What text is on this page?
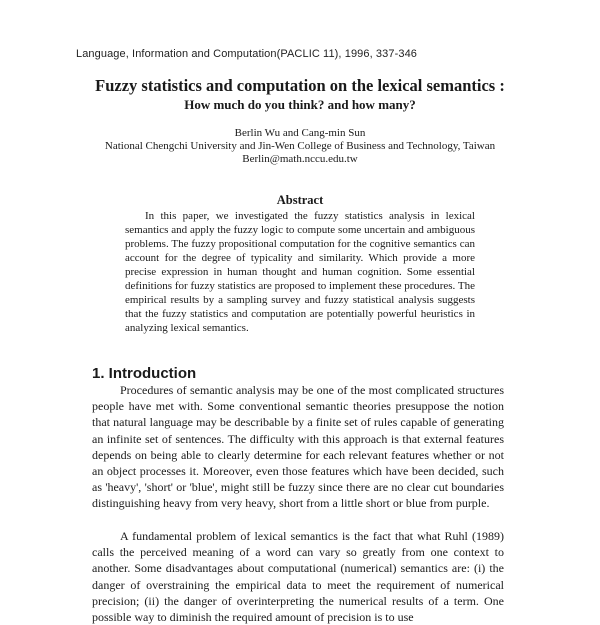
Language, Information and Computation(PACLIC 11), 1996, 337-346
Fuzzy statistics and computation on the lexical semantics :
How much do you think? and how many?
Berlin Wu and Cang-min Sun
National Chengchi University and Jin-Wen College of Business and Technology, Taiwan
Berlin@math.nccu.edu.tw
Abstract

In this paper, we investigated the fuzzy statistics analysis in lexical semantics and apply the fuzzy logic to compute some uncertain and ambiguous problems. The fuzzy propositional computation for the cognitive semantics can account for the degree of typicality and similarity. Which provide a more precise expression in human thought and human cognition. Some essential definitions for fuzzy statistics are proposed to implement these procedures. The empirical results by a sampling survey and fuzzy statistical analysis suggests that the fuzzy statistics and computation are potentially powerful heuristics in analyzing lexical semantics.

1. Introduction

Procedures of semantic analysis may be one of the most complicated structures people have met with. Some conventional semantic theories presuppose the notion that natural language may be describable by a finite set of rules capable of generating an infinite set of sentences. The difficulty with this approach is that external features depends on being able to clearly determine for each relevant features whether or not an object processes it. Moreover, even those features which have been decided, such as 'heavy', 'short' or 'blue', might still be fuzzy since there are no clear cut boundaries distinguishing heavy from very heavy, short from a little short or blue from purple.

A fundamental problem of lexical semantics is the fact that what Ruhl (1989) calls the perceived meaning of a word can vary so greatly from one context to another. Some disadvantages about computational (numerical) semantics are: (i) the danger of overstraining the empirical data to meet the requirement of numerical precision; (ii) the danger of overinterpreting the numerical results of a term. One possible way to diminish the required amount of precision is to use
